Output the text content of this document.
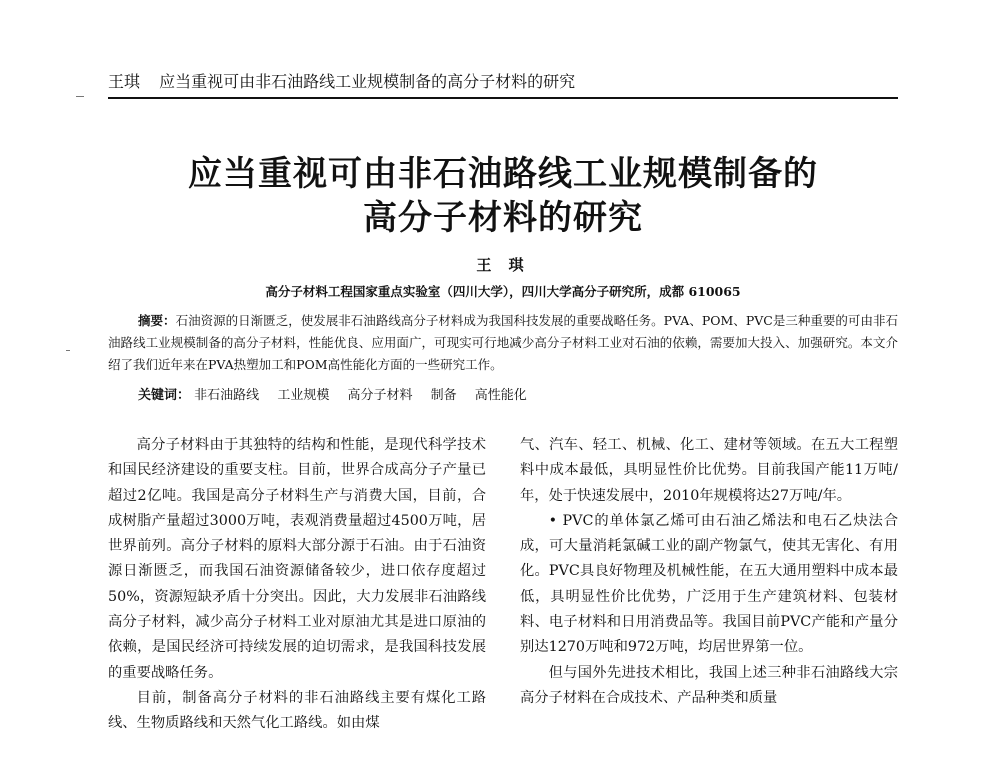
王琪 应当重视可由非石油路线工业规模制备的高分子材料的研究
应当重视可由非石油路线工业规模制备的
高分子材料的研究
王 琪
高分子材料工程国家重点实验室（四川大学），四川大学高分子研究所，成都 610065
摘要：石油资源的日渐匮乏，使发展非石油路线高分子材料成为我国科技发展的重要战略任务。PVA、POM、PVC是三种重要的可由非石油路线工业规模制备的高分子材料，性能优良、应用面广，可现实可行地减少高分子材料工业对石油的依赖，需要加大投入、加强研究。本文介绍了我们近年来在PVA热塑加工和POM高性能化方面的一些研究工作。
关键词： 非石油路线 工业规模 高分子材料 制备 高性能化

高分子材料由于其独特的结构和性能，是现代科学技术和国民经济建设的重要支柱。目前，世界合成高分子产量已超过2亿吨。我国是高分子材料生产与消费大国，目前，合成树脂产量超过3000万吨，表观消费量超过4500万吨，居世界前列。高分子材料的原料大部分源于石油。由于石油资源日渐匮乏，而我国石油资源储备较少，进口依存度超过50%，资源短缺矛盾十分突出。因此，大力发展非石油路线高分子材料，减少高分子材料工业对原油尤其是进口原油的依赖，是国民经济可持续发展的迫切需求，是我国科技发展的重要战略任务。

目前，制备高分子材料的非石油路线主要有煤化工路线、生物质路线和天然气化工路线。如由煤

气、汽车、轻工、机械、化工、建材等领域。在五大工程塑料中成本最低，具明显性价比优势。目前我国产能11万吨/年，处于快速发展中，2010年规模将达27万吨/年。

• PVC的单体氯乙烯可由石油乙烯法和电石乙炔法合成，可大量消耗氯碱工业的副产物氯气，使其无害化、有用化。PVC具良好物理及机械性能，在五大通用塑料中成本最低，具明显性价比优势，广泛用于生产建筑材料、包装材料、电子材料和日用消费品等。我国目前PVC产能和产量分别达1270万吨和972万吨，均居世界第一位。

但与国外先进技术相比，我国上述三种非石油路线大宗高分子材料在合成技术、产品种类和质量
